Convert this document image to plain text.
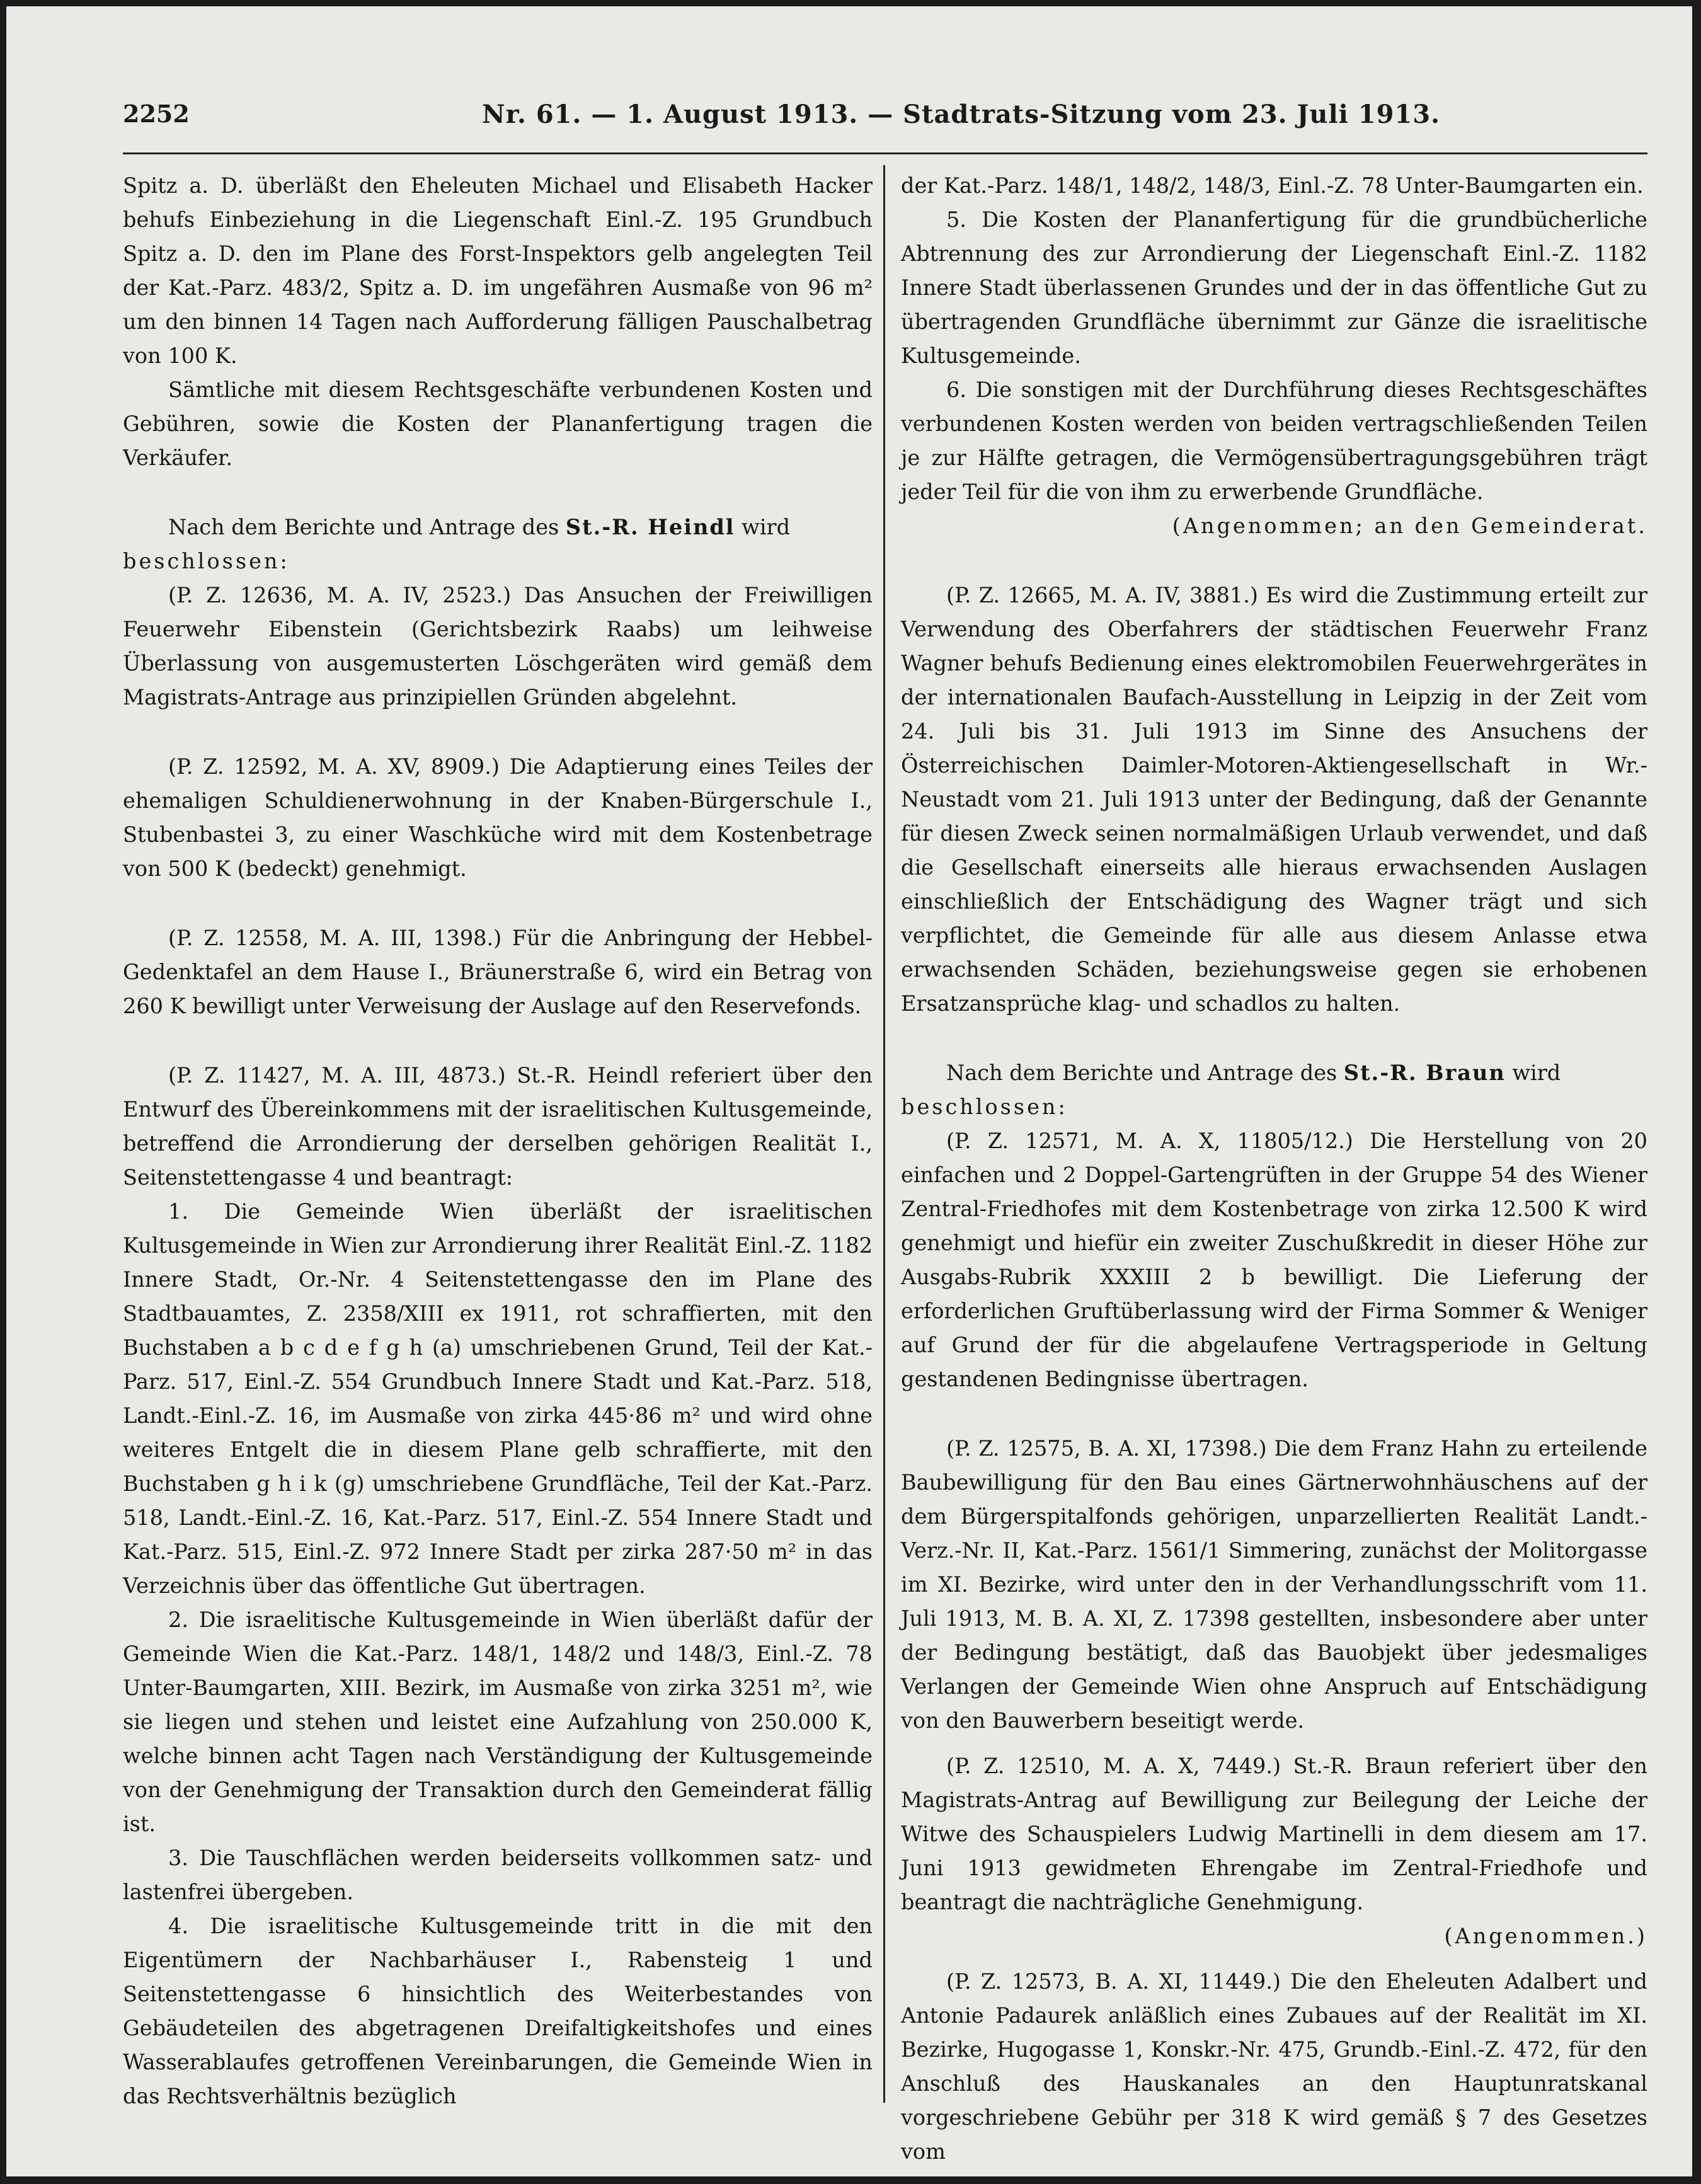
2252	Nr. 61. — 1. August 1913. — Stadtrats-Sitzung vom 23. Juli 1913.

Spitz a. D. überläßt den Eheleuten Michael und Elisabeth Hacker behufs Einbeziehung in die Liegenschaft Einl.-Z. 195 Grundbuch Spitz a. D. den im Plane des Forst-Inspektors gelb angelegten Teil der Kat.-Parz. 483/2, Spitz a. D. im ungefähren Ausmaße von 96 m² um den binnen 14 Tagen nach Aufforderung fälligen Pauschalbetrag von 100 K.

Sämtliche mit diesem Rechtsgeschäfte verbundenen Kosten und Gebühren, sowie die Kosten der Plananfertigung tragen die Verkäufer.

Nach dem Berichte und Antrage des St.-R. Heindl wird

beschlossen:

(P. Z. 12636, M. A. IV, 2523.) Das Ansuchen der Freiwilligen Feuerwehr Eibenstein (Gerichtsbezirk Raabs) um leihweise Überlassung von ausgemusterten Löschgeräten wird gemäß dem Magistrats-Antrage aus prinzipiellen Gründen abgelehnt.

(P. Z. 12592, M. A. XV, 8909.) Die Adaptierung eines Teiles der ehemaligen Schuldienerwohnung in der Knaben-Bürgerschule I., Stubenbastei 3, zu einer Waschküche wird mit dem Kostenbetrage von 500 K (bedeckt) genehmigt.

(P. Z. 12558, M. A. III, 1398.) Für die Anbringung der Hebbel-Gedenktafel an dem Hause I., Bräunerstraße 6, wird ein Betrag von 260 K bewilligt unter Verweisung der Auslage auf den Reservefonds.

(P. Z. 11427, M. A. III, 4873.) St.-R. Heindl referiert über den Entwurf des Übereinkommens mit der israelitischen Kultusgemeinde, betreffend die Arrondierung der derselben gehörigen Realität I., Seitenstettengasse 4 und beantragt:

1. Die Gemeinde Wien überläßt der israelitischen Kultusgemeinde in Wien zur Arrondierung ihrer Realität Einl.-Z. 1182 Innere Stadt, Or.-Nr. 4 Seitenstettengasse den im Plane des Stadtbauamtes, Z. 2358/XIII ex 1911, rot schraffierten, mit den Buchstaben a b c d e f g h (a) umschriebenen Grund, Teil der Kat.-Parz. 517, Einl.-Z. 554 Grundbuch Innere Stadt und Kat.-Parz. 518, Landt.-Einl.-Z. 16, im Ausmaße von zirka 445·86 m² und wird ohne weiteres Entgelt die in diesem Plane gelb schraffierte, mit den Buchstaben g h i k (g) umschriebene Grundfläche, Teil der Kat.-Parz. 518, Landt.-Einl.-Z. 16, Kat.-Parz. 517, Einl.-Z. 554 Innere Stadt und Kat.-Parz. 515, Einl.-Z. 972 Innere Stadt per zirka 287·50 m² in das Verzeichnis über das öffentliche Gut übertragen.

2. Die israelitische Kultusgemeinde in Wien überläßt dafür der Gemeinde Wien die Kat.-Parz. 148/1, 148/2 und 148/3, Einl.-Z. 78 Unter-Baumgarten, XIII. Bezirk, im Ausmaße von zirka 3251 m², wie sie liegen und stehen und leistet eine Aufzahlung von 250.000 K, welche binnen acht Tagen nach Verständigung der Kultusgemeinde von der Genehmigung der Transaktion durch den Gemeinderat fällig ist.

3. Die Tauschflächen werden beiderseits vollkommen satz- und lastenfrei übergeben.

4. Die israelitische Kultusgemeinde tritt in die mit den Eigentümern der Nachbarhäuser I., Rabensteig 1 und Seitenstettengasse 6 hinsichtlich des Weiterbestandes von Gebäudeteilen des abgetragenen Dreifaltigkeitshofes und eines Wasserablaufes getroffenen Vereinbarungen, die Gemeinde Wien in das Rechtsverhältnis bezüglich

der Kat.-Parz. 148/1, 148/2, 148/3, Einl.-Z. 78 Unter-Baumgarten ein.

5. Die Kosten der Plananfertigung für die grundbücherliche Abtrennung des zur Arrondierung der Liegenschaft Einl.-Z. 1182 Innere Stadt überlassenen Grundes und der in das öffentliche Gut zu übertragenden Grundfläche übernimmt zur Gänze die israelitische Kultusgemeinde.

6. Die sonstigen mit der Durchführung dieses Rechtsgeschäftes verbundenen Kosten werden von beiden vertragschließenden Teilen je zur Hälfte getragen, die Vermögensübertragungsgebühren trägt jeder Teil für die von ihm zu erwerbende Grundfläche.

(Angenommen; an den Gemeinderat.

(P. Z. 12665, M. A. IV, 3881.) Es wird die Zustimmung erteilt zur Verwendung des Oberfahrers der städtischen Feuerwehr Franz Wagner behufs Bedienung eines elektromobilen Feuerwehrgerätes in der internationalen Baufach-Ausstellung in Leipzig in der Zeit vom 24. Juli bis 31. Juli 1913 im Sinne des Ansuchens der Österreichischen Daimler-Motoren-Aktiengesellschaft in Wr.-Neustadt vom 21. Juli 1913 unter der Bedingung, daß der Genannte für diesen Zweck seinen normalmäßigen Urlaub verwendet, und daß die Gesellschaft einerseits alle hieraus erwachsenden Auslagen einschließlich der Entschädigung des Wagner trägt und sich verpflichtet, die Gemeinde für alle aus diesem Anlasse etwa erwachsenden Schäden, beziehungsweise gegen sie erhobenen Ersatzansprüche klag- und schadlos zu halten.

Nach dem Berichte und Antrage des St.-R. Braun wird

beschlossen:

(P. Z. 12571, M. A. X, 11805/12.) Die Herstellung von 20 einfachen und 2 Doppel-Gartengrüften in der Gruppe 54 des Wiener Zentral-Friedhofes mit dem Kostenbetrage von zirka 12.500 K wird genehmigt und hiefür ein zweiter Zuschußkredit in dieser Höhe zur Ausgabs-Rubrik XXXIII 2 b bewilligt. Die Lieferung der erforderlichen Gruftüberlassung wird der Firma Sommer & Weniger auf Grund der für die abgelaufene Vertragsperiode in Geltung gestandenen Bedingnisse übertragen.

(P. Z. 12575, B. A. XI, 17398.) Die dem Franz Hahn zu erteilende Baubewilligung für den Bau eines Gärtnerwohnhäuschens auf der dem Bürgerspitalfonds gehörigen, unparzellierten Realität Landt.-Verz.-Nr. II, Kat.-Parz. 1561/1 Simmering, zunächst der Molitorgasse im XI. Bezirke, wird unter den in der Verhandlungsschrift vom 11. Juli 1913, M. B. A. XI, Z. 17398 gestellten, insbesondere aber unter der Bedingung bestätigt, daß das Bauobjekt über jedesmaliges Verlangen der Gemeinde Wien ohne Anspruch auf Entschädigung von den Bauwerbern beseitigt werde.

(P. Z. 12510, M. A. X, 7449.) St.-R. Braun referiert über den Magistrats-Antrag auf Bewilligung zur Beilegung der Leiche der Witwe des Schauspielers Ludwig Martinelli in dem diesem am 17. Juni 1913 gewidmeten Ehrengabe im Zentral-Friedhofe und beantragt die nachträgliche Genehmigung.

(Angenommen.)

(P. Z. 12573, B. A. XI, 11449.) Die den Eheleuten Adalbert und Antonie Padaurek anläßlich eines Zubaues auf der Realität im XI. Bezirke, Hugogasse 1, Konskr.-Nr. 475, Grundb.-Einl.-Z. 472, für den Anschluß des Hauskanales an den Hauptunratskanal vorgeschriebene Gebühr per 318 K wird gemäß § 7 des Gesetzes vom
